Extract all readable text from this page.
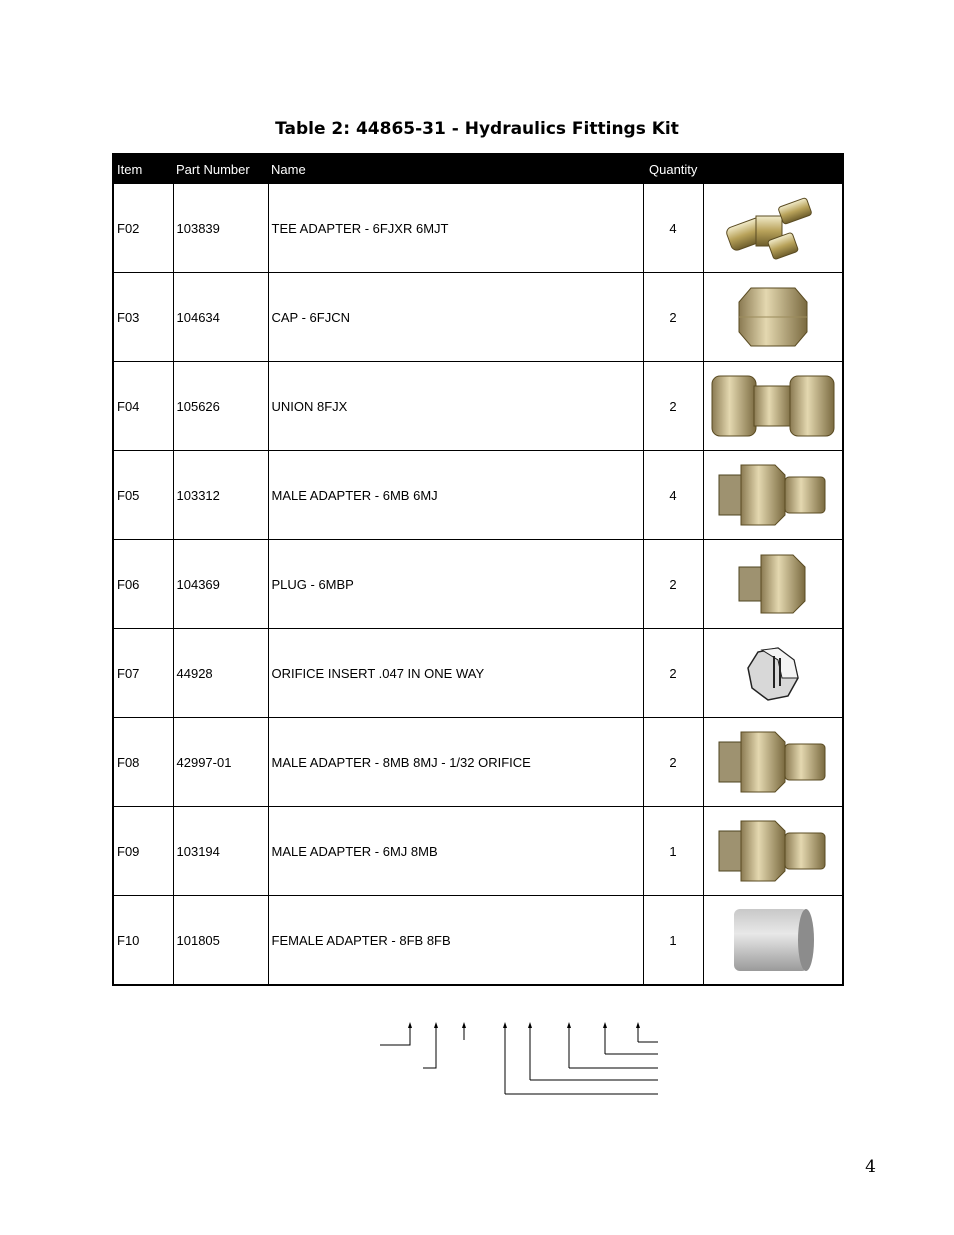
Table 2: 44865-31 - Hydraulics Fittings Kit
Item	Part Number	Name	Quantity	
F02	103839	TEE ADAPTER - 6FJXR 6MJT	4	

F03	104634	CAP - 6FJCN	2	

F04	105626	UNION 8FJX	2	

F05	103312	MALE ADAPTER - 6MB 6MJ	4	

F06	104369	PLUG - 6MBP	2	

F07	44928	ORIFICE INSERT .047 IN ONE WAY	2	

F08	42997-01	MALE ADAPTER - 8MB 8MJ - 1/32 ORIFICE	2	

F09	103194	MALE ADAPTER - 6MJ 8MB	1	

F10	101805	FEMALE ADAPTER - 8FB 8FB	1	
4
